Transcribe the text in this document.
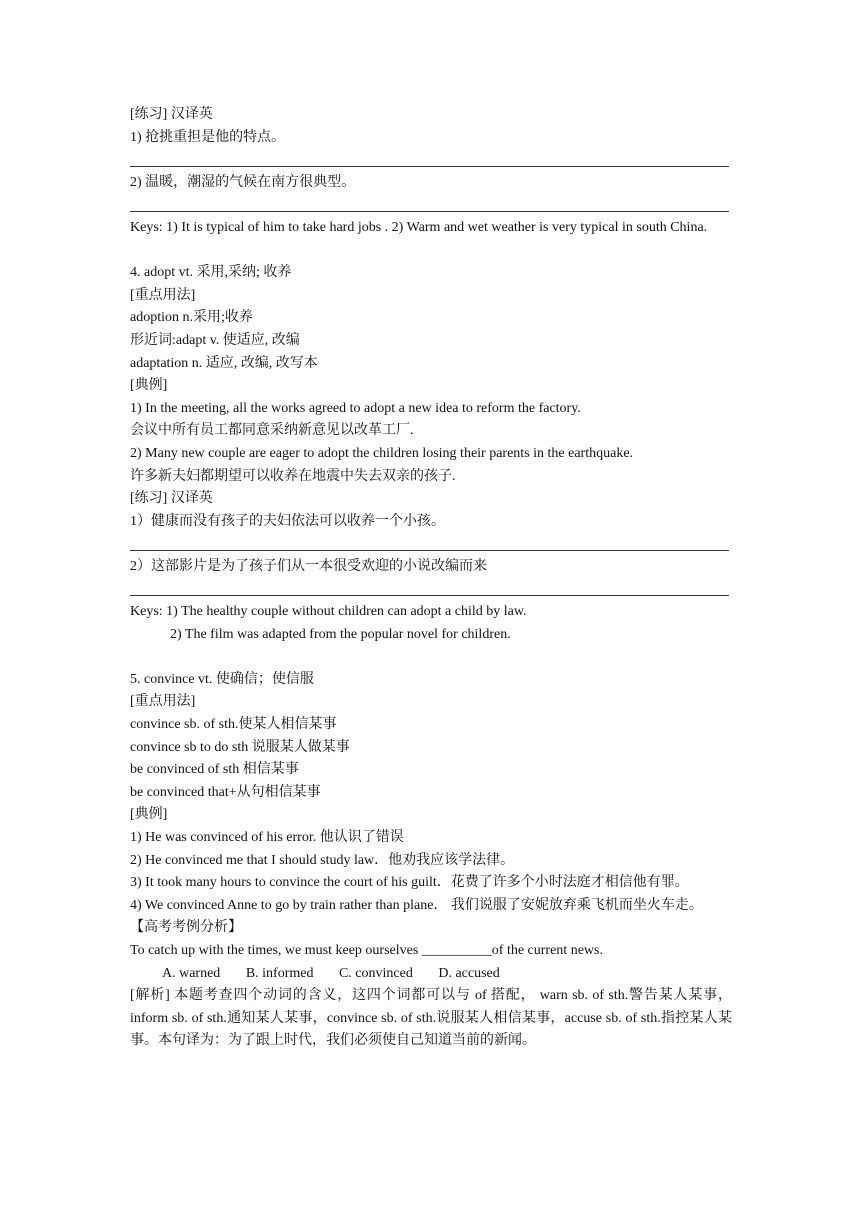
[练习] 汉译英
1) 抢挑重担是他的特点。
2) 温暖，潮湿的气候在南方很典型。
Keys: 1) It is typical of him to take hard jobs . 2) Warm and wet weather is very typical in south China.
4. adopt vt. 采用,采纳; 收养
[重点用法]
adoption n.采用;收养
形近词:adapt v. 使适应, 改编
adaptation n. 适应, 改编, 改写本
[典例]
1) In the meeting, all the works agreed to adopt a new idea to reform the factory.
会议中所有员工都同意采纳新意见以改革工厂.
2) Many new couple are eager to adopt the children losing their parents in the earthquake.
许多新夫妇都期望可以收养在地震中失去双亲的孩子.
[练习] 汉译英
1）健康而没有孩子的夫妇依法可以收养一个小孩。
2）这部影片是为了孩子们从一本很受欢迎的小说改编而来
Keys: 1) The healthy couple without children can adopt a child by law.
2) The film was adapted from the popular novel for children.
5. convince vt. 使确信；使信服
[重点用法]
convince sb. of sth.使某人相信某事
convince sb to do sth 说服某人做某事
be convinced of sth 相信某事
be convinced that+从句相信某事
[典例]
1) He was convinced of his error. 他认识了错误
2) He convinced me that I should study law．他劝我应该学法律。
3) It took many hours to convince the court of his guilt．花费了许多个小时法庭才相信他有罪。
4) We convinced Anne to go by train rather than plane． 我们说服了安妮放弃乘飞机而坐火车走。
【高考考例分析】
To catch up with the times, we must keep ourselves __________of the current news.
A. warned B. informed C. convinced D. accused
[解析] 本题考查四个动词的含义，这四个词都可以与 of 搭配， warn sb. of sth.警告某人某事，inform sb. of sth.通知某人某事，convince sb. of sth.说服某人相信某事，accuse sb. of sth.指控某人某事。本句译为：为了跟上时代，我们必须使自己知道当前的新闻。
